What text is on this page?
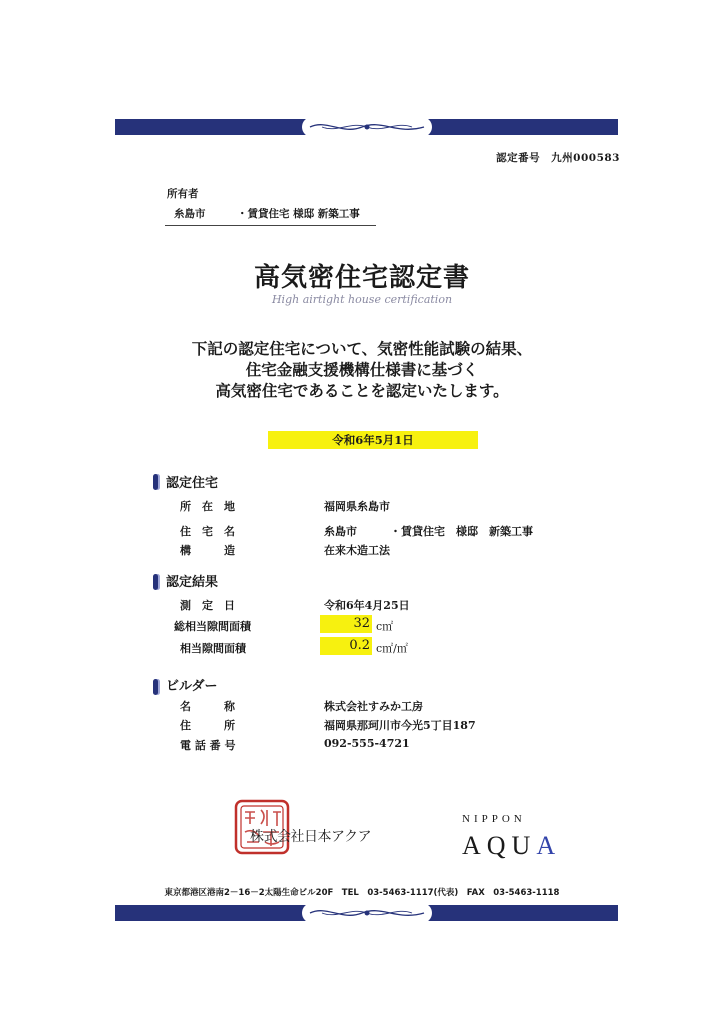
認定番号　九州000583
所有者
糸島市　　　・賃貸住宅 様邸 新築工事
高気密住宅認定書
High airtight house certification
下記の認定住宅について、気密性能試験の結果、
住宅金融支援機構仕様書に基づく
高気密住宅であることを認定いたします。
令和6年5月1日
認定住宅
所　在　地	福岡県糸島市
住　宅　名	糸島市　　　・賃貸住宅　様邸　新築工事
構　　　造	在来木造工法
認定結果
測　定　日	令和6年4月25日
総相当隙間面積	32 c㎡
相当隙間面積	0.2 c㎡/㎡
ビルダー
名　　　称	株式会社すみか工房
住　　　所	福岡県那珂川市今光5丁目187
電 話 番 号	092-555-4721
株式会社日本アクア
NIPPON
AQUA
東京都港区港南2－16－2太陽生命ビル20F　TEL　03-5463-1117(代表)　FAX　03-5463-1118
